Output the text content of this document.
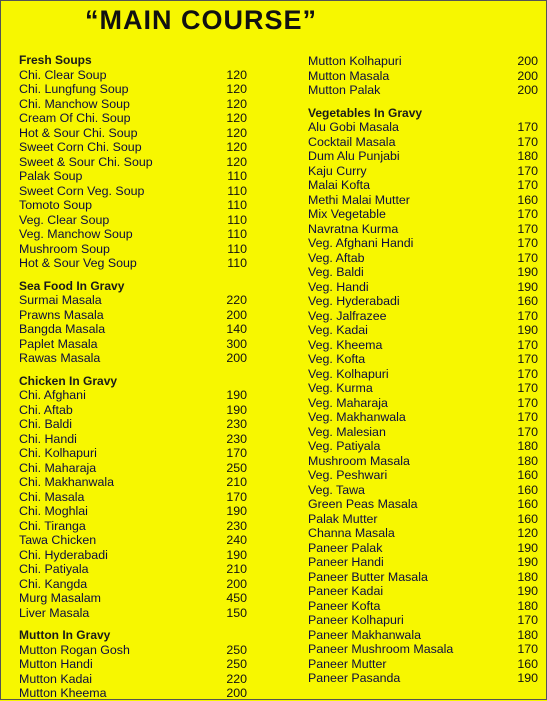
“MAIN COURSE”
Fresh Soups
Chi. Clear Soup	120
Chi. Lungfung Soup	120
Chi. Manchow Soup	120
Cream Of Chi. Soup	120
Hot & Sour Chi. Soup	120
Sweet Corn Chi. Soup	120
Sweet & Sour Chi. Soup	120
Palak Soup	110
Sweet Corn Veg. Soup	110
Tomoto Soup	110
Veg. Clear Soup	110
Veg. Manchow Soup	110
Mushroom Soup	110
Hot & Sour Veg Soup	110
Sea Food In Gravy
Surmai Masala	220
Prawns Masala	200
Bangda Masala	140
Paplet Masala	300
Rawas Masala	200
Chicken In Gravy
Chi. Afghani	190
Chi. Aftab	190
Chi. Baldi	230
Chi. Handi	230
Chi. Kolhapuri	170
Chi. Maharaja	250
Chi. Makhanwala	210
Chi. Masala	170
Chi. Moghlai	190
Chi. Tiranga	230
Tawa Chicken	240
Chi. Hyderabadi	190
Chi. Patiyala	210
Chi. Kangda	200
Murg Masalam	450
Liver Masala	150
Mutton In Gravy
Mutton Rogan Gosh	250
Mutton Handi	250
Mutton Kadai	220
Mutton Kheema	200
Mutton Kolhapuri	200
Mutton Masala	200
Mutton Palak	200
Vegetables In Gravy
Alu Gobi Masala	170
Cocktail Masala	170
Dum Alu Punjabi	180
Kaju Curry	170
Malai Kofta	170
Methi Malai Mutter	160
Mix Vegetable	170
Navratna Kurma	170
Veg. Afghani Handi	170
Veg. Aftab	170
Veg. Baldi	190
Veg. Handi	190
Veg. Hyderabadi	160
Veg. Jalfrazee	170
Veg. Kadai	190
Veg. Kheema	170
Veg. Kofta	170
Veg. Kolhapuri	170
Veg. Kurma	170
Veg. Maharaja	170
Veg. Makhanwala	170
Veg. Malesian	170
Veg. Patiyala	180
Mushroom Masala	180
Veg. Peshwari	160
Veg. Tawa	160
Green Peas Masala	160
Palak Mutter	160
Channa Masala	120
Paneer Palak	190
Paneer Handi	190
Paneer Butter Masala	180
Paneer Kadai	190
Paneer Kofta	180
Paneer Kolhapuri	170
Paneer Makhanwala	180
Paneer Mushroom Masala	170
Paneer Mutter	160
Paneer Pasanda	190
